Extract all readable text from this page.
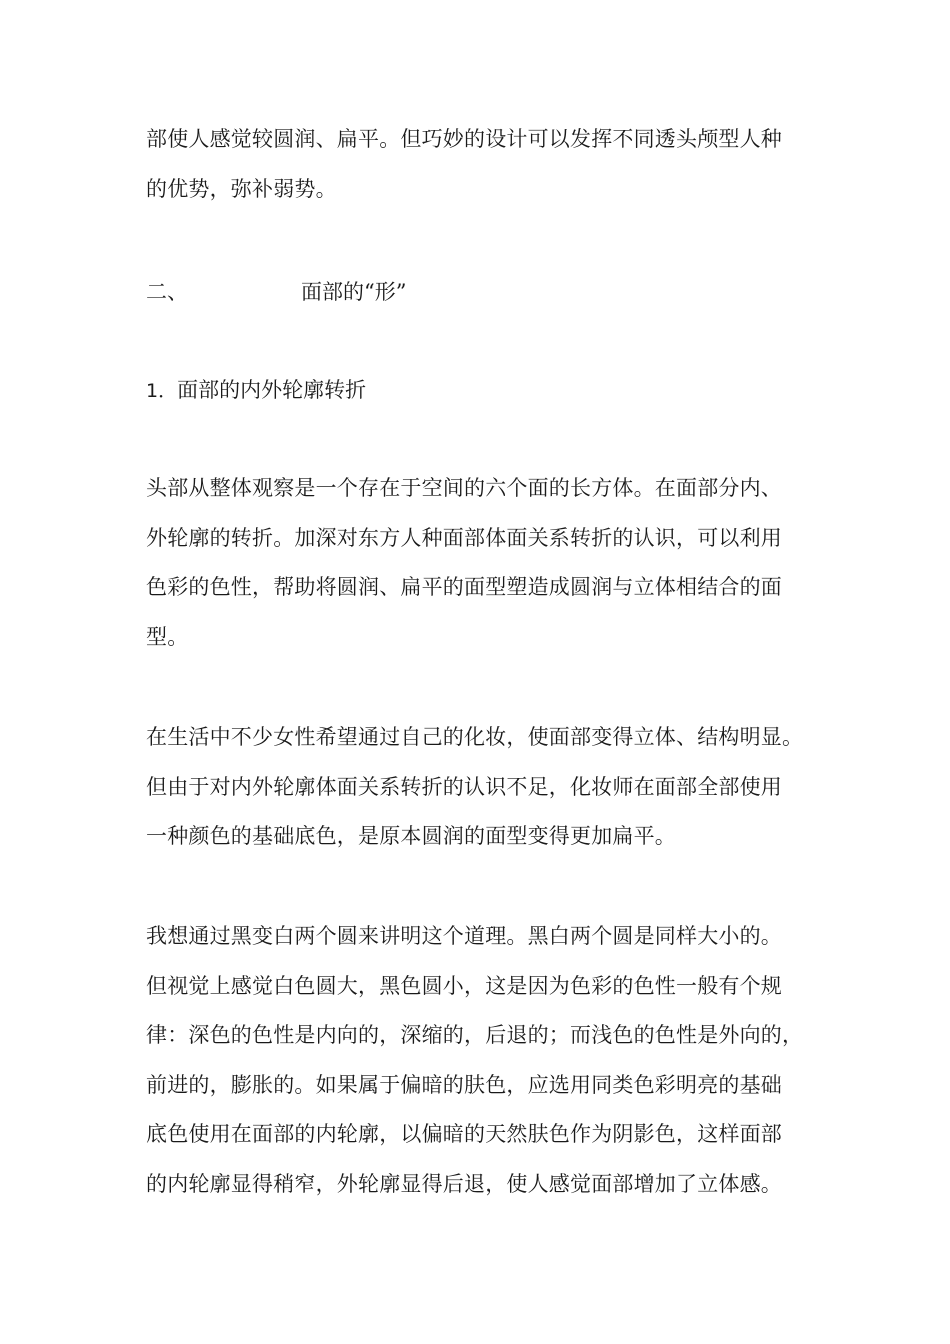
部使人感觉较圆润、扁平。但巧妙的设计可以发挥不同透头颅型人种
的优势，弥补弱势。
二、	面部的“形”
1．面部的内外轮廓转折
头部从整体观察是一个存在于空间的六个面的长方体。在面部分内、
外轮廓的转折。加深对东方人种面部体面关系转折的认识，可以利用
色彩的色性，帮助将圆润、扁平的面型塑造成圆润与立体相结合的面
型。
在生活中不少女性希望通过自己的化妆，使面部变得立体、结构明显。
但由于对内外轮廓体面关系转折的认识不足，化妆师在面部全部使用
一种颜色的基础底色，是原本圆润的面型变得更加扁平。
我想通过黑变白两个圆来讲明这个道理。黑白两个圆是同样大小的。
但视觉上感觉白色圆大，黑色圆小，这是因为色彩的色性一般有个规
律：深色的色性是内向的，深缩的，后退的；而浅色的色性是外向的，
前进的，膨胀的。如果属于偏暗的肤色，应选用同类色彩明亮的基础
底色使用在面部的内轮廓，以偏暗的天然肤色作为阴影色，这样面部
的内轮廓显得稍窄，外轮廓显得后退，使人感觉面部增加了立体感。
